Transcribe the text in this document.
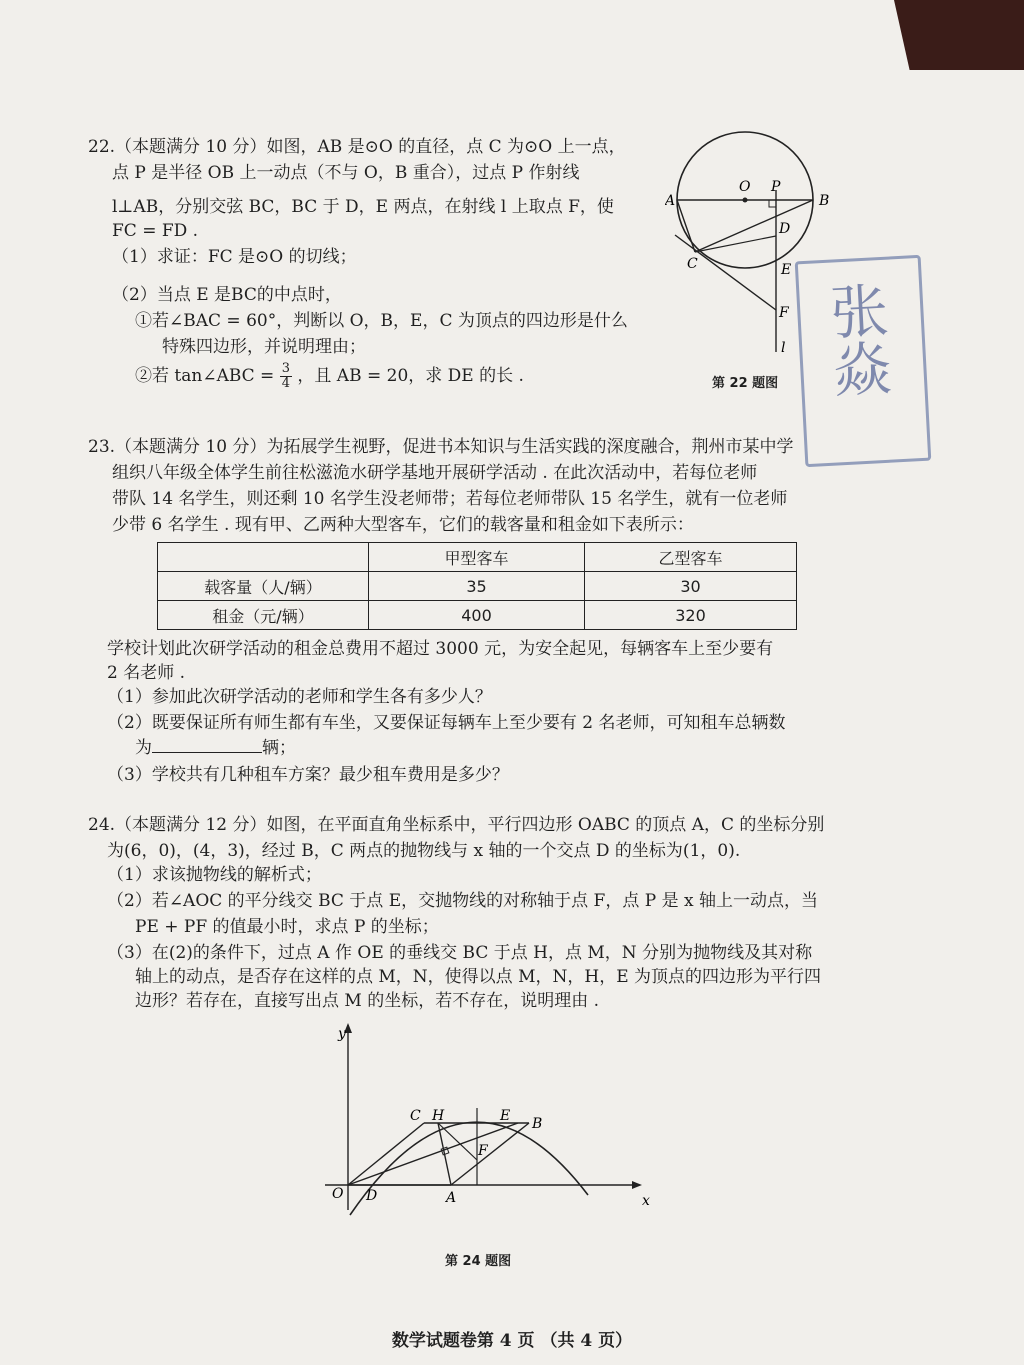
22.（本题满分 10 分）如图，AB 是⊙O 的直径，点 C 为⊙O 上一点，
点 P 是半径 OB 上一动点（不与 O，B 重合），过点 P 作射线
l⊥AB，分别交弦 BC，BC 于 D，E 两点，在射线 l 上取点 F，使
FC = FD .
（1）求证：FC 是⊙O 的切线；
（2）当点 E 是BC的中点时，
①若∠BAC = 60°，判断以 O，B，E，C 为顶点的四边形是什么
特殊四边形，并说明理由；
②若 tan∠ABC = $\frac{3}{4}$ ，且 AB = 20，求 DE 的长 .
O P
A	B
D
C	E
F
l
第 22 题图 张焱
23.（本题满分 10 分）为拓展学生视野，促进书本知识与生活实践的深度融合，荆州市某中学
组织八年级全体学生前往松滋洈水研学基地开展研学活动 . 在此次活动中，若每位老师
带队 14 名学生，则还剩 10 名学生没老师带；若每位老师带队 15 名学生，就有一位老师
少带 6 名学生 . 现有甲、乙两种大型客车，它们的载客量和租金如下表所示：
	甲型客车	乙型客车
载客量（人/辆）	35	30
租金（元/辆）	400	320
学校计划此次研学活动的租金总费用不超过 3000 元，为安全起见，每辆客车上至少要有
2 名老师 .
（1）参加此次研学活动的老师和学生各有多少人？
（2）既要保证所有师生都有车坐，又要保证每辆车上至少要有 2 名老师，可知租车总辆数
为	辆；
（3）学校共有几种租车方案？最少租车费用是多少？
24.（本题满分 12 分）如图，在平面直角坐标系中，平行四边形 OABC 的顶点 A，C 的坐标分别
为(6，0)，(4，3)，经过 B，C 两点的抛物线与 x 轴的一个交点 D 的坐标为(1，0).
（1）求该抛物线的解析式；
（2）若∠AOC 的平分线交 BC 于点 E，交抛物线的对称轴于点 F，点 P 是 x 轴上一动点，当
PE + PF 的值最小时，求点 P 的坐标；
（3）在(2)的条件下，过点 A 作 OE 的垂线交 BC 于点 H，点 M，N 分别为抛物线及其对称
轴上的动点，是否存在这样的点 M，N，使得以点 M，N，H，E 为顶点的四边形为平行四
边形？若存在，直接写出点 M 的坐标，若不存在，说明理由 .
y
O D	A	x
C H	E B
F
第 24 题图
数学试题卷第 4 页 （共 4 页）
